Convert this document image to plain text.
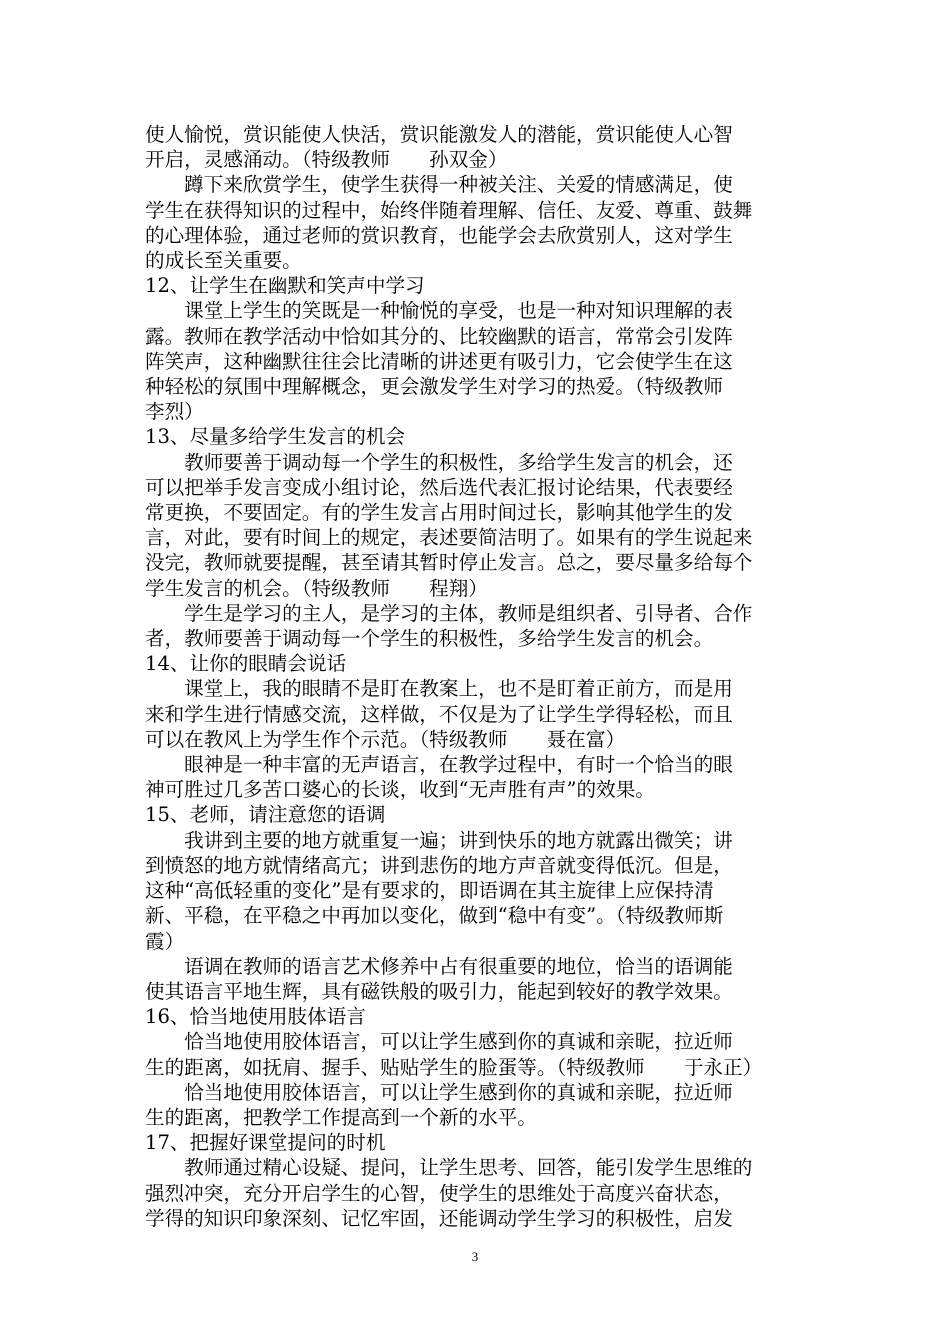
使人愉悦，赏识能使人快活，赏识能激发人的潜能，赏识能使人心智

开启，灵感涌动。（特级教师　　孙双金）

　　蹲下来欣赏学生，使学生获得一种被关注、关爱的情感满足，使

学生在获得知识的过程中，始终伴随着理解、信任、友爱、尊重、鼓舞

的心理体验，通过老师的赏识教育，也能学会去欣赏别人，这对学生

的成长至关重要。

12、让学生在幽默和笑声中学习

　　课堂上学生的笑既是一种愉悦的享受，也是一种对知识理解的表

露。教师在教学活动中恰如其分的、比较幽默的语言，常常会引发阵

阵笑声，这种幽默往往会比清晰的讲述更有吸引力，它会使学生在这

种轻松的氛围中理解概念，更会激发学生对学习的热爱。（特级教师

李烈）

13、尽量多给学生发言的机会

　　教师要善于调动每一个学生的积极性，多给学生发言的机会，还

可以把举手发言变成小组讨论，然后选代表汇报讨论结果，代表要经

常更换，不要固定。有的学生发言占用时间过长，影响其他学生的发

言，对此，要有时间上的规定，表述要简洁明了。如果有的学生说起来

没完，教师就要提醒，甚至请其暂时停止发言。总之，要尽量多给每个

学生发言的机会。（特级教师　　程翔）

　　学生是学习的主人，是学习的主体，教师是组织者、引导者、合作

者，教师要善于调动每一个学生的积极性，多给学生发言的机会。

14、让你的眼睛会说话

　　课堂上，我的眼睛不是盯在教案上，也不是盯着正前方，而是用

来和学生进行情感交流，这样做，不仅是为了让学生学得轻松，而且

可以在教风上为学生作个示范。（特级教师　　聂在富）

　　眼神是一种丰富的无声语言，在教学过程中，有时一个恰当的眼

神可胜过几多苦口婆心的长谈，收到“无声胜有声”的效果。

15、老师，请注意您的语调

　　我讲到主要的地方就重复一遍；讲到快乐的地方就露出微笑；讲

到愤怒的地方就情绪高亢；讲到悲伤的地方声音就变得低沉。但是，

这种“高低轻重的变化”是有要求的，即语调在其主旋律上应保持清

新、平稳，在平稳之中再加以变化，做到“稳中有变”。（特级教师斯

霞）

　　语调在教师的语言艺术修养中占有很重要的地位，恰当的语调能

使其语言平地生辉，具有磁铁般的吸引力，能起到较好的教学效果。

16、恰当地使用肢体语言

　　恰当地使用胶体语言，可以让学生感到你的真诚和亲昵，拉近师

生的距离，如抚肩、握手、贴贴学生的脸蛋等。（特级教师　　于永正）

　　恰当地使用胶体语言，可以让学生感到你的真诚和亲昵，拉近师

生的距离，把教学工作提高到一个新的水平。

17、把握好课堂提问的时机

　　教师通过精心设疑、提问，让学生思考、回答，能引发学生思维的

强烈冲突，充分开启学生的心智，使学生的思维处于高度兴奋状态，

学得的知识印象深刻、记忆牢固，还能调动学生学习的积极性，启发

3
